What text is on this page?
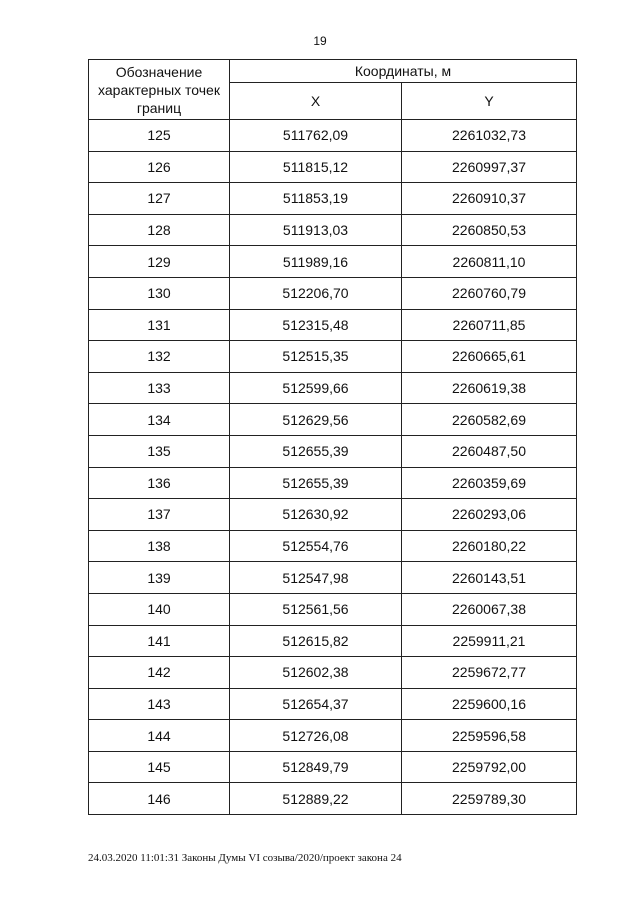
19
Обозначение характерных точек границ	Координаты, м	
	X	Y
125	511762,09	2261032,73
126	511815,12	2260997,37
127	511853,19	2260910,37
128	511913,03	2260850,53
129	511989,16	2260811,10
130	512206,70	2260760,79
131	512315,48	2260711,85
132	512515,35	2260665,61
133	512599,66	2260619,38
134	512629,56	2260582,69
135	512655,39	2260487,50
136	512655,39	2260359,69
137	512630,92	2260293,06
138	512554,76	2260180,22
139	512547,98	2260143,51
140	512561,56	2260067,38
141	512615,82	2259911,21
142	512602,38	2259672,77
143	512654,37	2259600,16
144	512726,08	2259596,58
145	512849,79	2259792,00
146	512889,22	2259789,30
24.03.2020 11:01:31 Законы Думы VI созыва/2020/проект закона 24
